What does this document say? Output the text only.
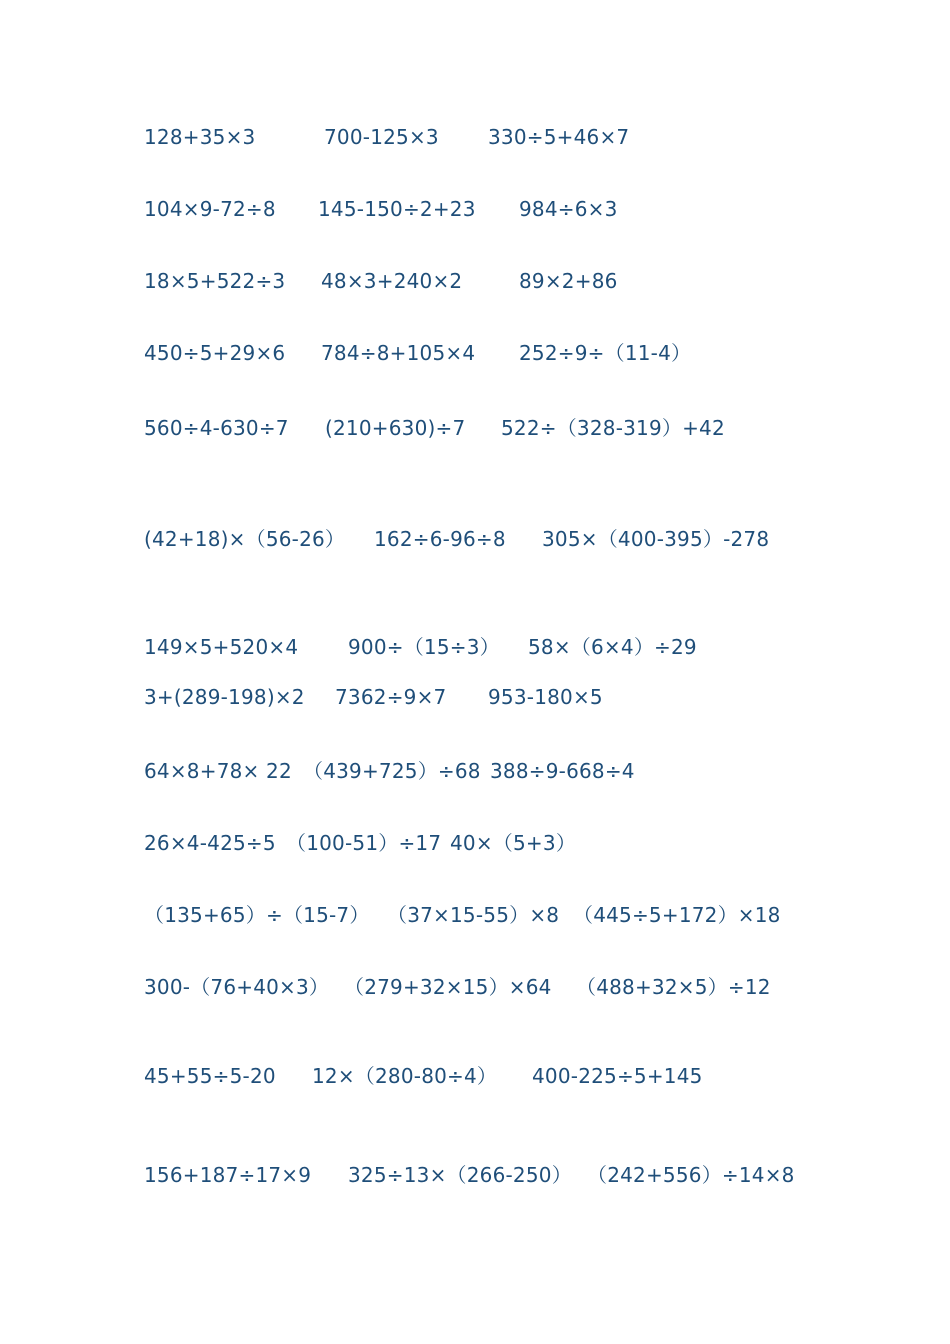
128+35×3	700-125×3 330÷5+46×7
104×9-72÷8 145-150÷2+23 984÷6×3
18×5+522÷3 48×3+240×2	89×2+86
450÷5+29×6 784÷8+105×4 252÷9÷（11-4）
560÷4-630÷7 (210+630)÷7 522÷（328-319）+42
(42+18)×（56-26） 162÷6-96÷8 305×（400-395）-278
149×5+520×4 900÷（15÷3） 58×（6×4）÷29
3+(289-198)×2 7362÷9×7 953-180×5
64×8+78× 22 （439+725）÷68 388÷9-668÷4
26×4-425÷5 （100-51）÷17 40×（5+3）
（135+65）÷（15-7） （37×15-55）×8 （445÷5+172）×18
300-（76+40×3） （279+32×15）×64 （488+32×5）÷12
45+55÷5-20 12×（280-80÷4） 400-225÷5+145
156+187÷17×9 325÷13×（266-250） （242+556）÷14×8
